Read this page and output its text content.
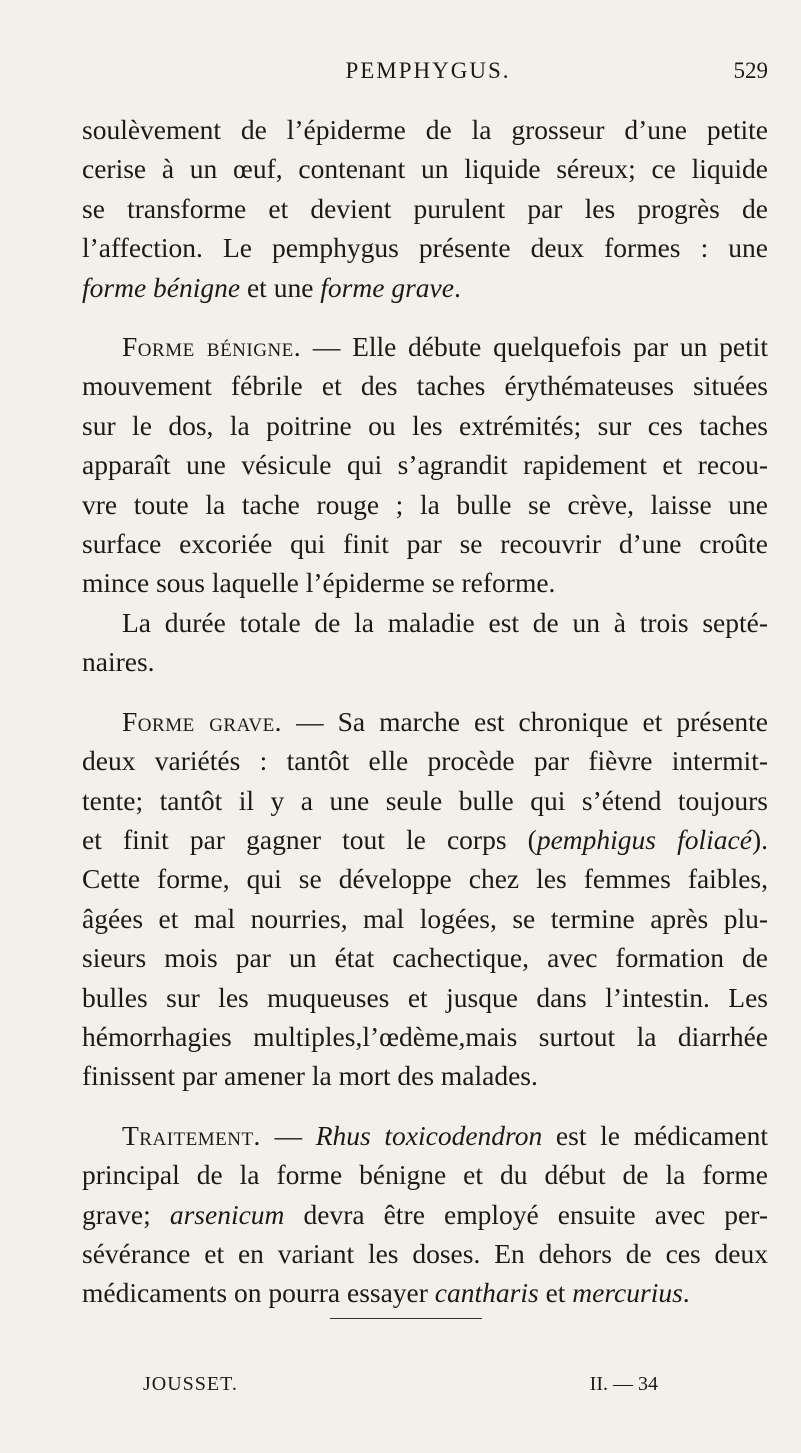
PEMPHYGUS.	529

soulèvement de l’épiderme de la grosseur d’une petite
cerise à un œuf, contenant un liquide séreux; ce liquide
se transforme et devient purulent par les progrès de
l’affection. Le pemphygus présente deux formes : une
forme bénigne et une forme grave.

Forme bénigne. — Elle débute quelquefois par un petit
mouvement fébrile et des taches érythémateuses situées
sur le dos, la poitrine ou les extrémités; sur ces taches
apparaît une vésicule qui s’agrandit rapidement et recou-
vre toute la tache rouge ; la bulle se crève, laisse une
surface excoriée qui finit par se recouvrir d’une croûte
mince sous laquelle l’épiderme se reforme.
La durée totale de la maladie est de un à trois septé-
naires.

Forme grave. — Sa marche est chronique et présente
deux variétés : tantôt elle procède par fièvre intermit-
tente; tantôt il y a une seule bulle qui s’étend toujours
et finit par gagner tout le corps (pemphigus foliacé).
Cette forme, qui se développe chez les femmes faibles,
âgées et mal nourries, mal logées, se termine après plu-
sieurs mois par un état cachectique, avec formation de
bulles sur les muqueuses et jusque dans l’intestin. Les
hémorrhagies multiples,l’œdème,mais surtout la diarrhée
finissent par amener la mort des malades.

Traitement. — Rhus toxicodendron est le médicament
principal de la forme bénigne et du début de la forme
grave; arsenicum devra être employé ensuite avec per-
sévérance et en variant les doses. En dehors de ces deux
médicaments on pourra essayer cantharis et mercurius.

JOUSSET.	II. — 34
